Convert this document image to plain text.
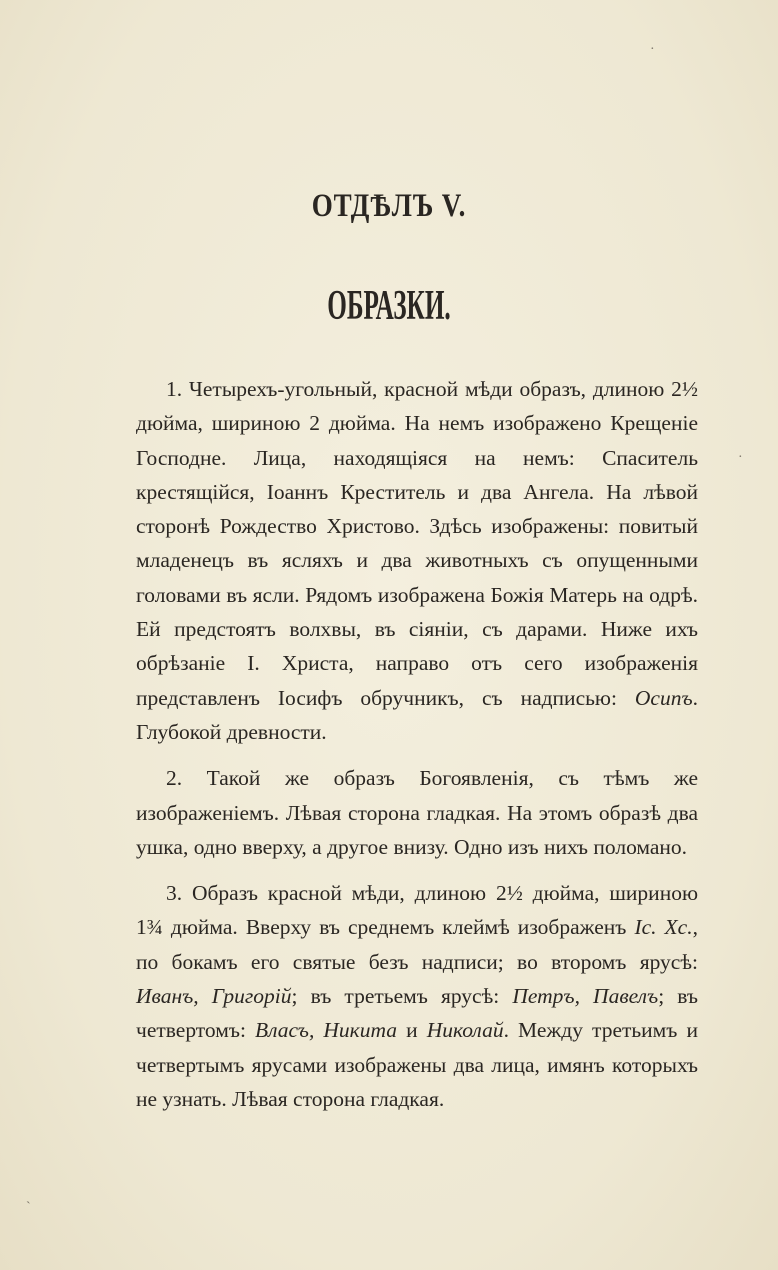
ОТДѢЛЪ V.
ОБРАЗКИ.

1. Четырехъ-угольный, красной мѣди образъ, длиною 2½ дюйма, шириною 2 дюйма. На немъ изображено Крещеніе Господне. Лица, находящіяся на немъ: Спаситель крестящійся, Іоаннъ Креститель и два Ангела. На лѣвой сторонѣ Рождество Христово. Здѣсь изображены: повитый младенецъ въ ясляхъ и два животныхъ съ опущенными головами въ ясли. Рядомъ изображена Божія Матерь на одрѣ. Ей предстоятъ волхвы, въ сіяніи, съ дарами. Ниже ихъ обрѣзаніе І. Христа, направо отъ сего изображенія представленъ Іосифъ обручникъ, съ надписью: Осипъ. Глубокой древности.

2. Такой же образъ Богоявленія, съ тѣмъ же изображеніемъ. Лѣвая сторона гладкая. На этомъ образѣ два ушка, одно вверху, а другое внизу. Одно изъ нихъ поломано.

3. Образъ красной мѣди, длиною 2½ дюйма, шириною 1¾ дюйма. Вверху въ среднемъ клеймѣ изображенъ Іс. Хс., по бокамъ его святые безъ надписи; во второмъ ярусѣ: Иванъ, Григорій; въ третьемъ ярусѣ: Петръ, Павелъ; въ четвертомъ: Власъ, Никита и Николай. Между третьимъ и четвертымъ ярусами изображены два лица, имянъ которыхъ не узнать. Лѣвая сторона гладкая.

·
·
ˋ
